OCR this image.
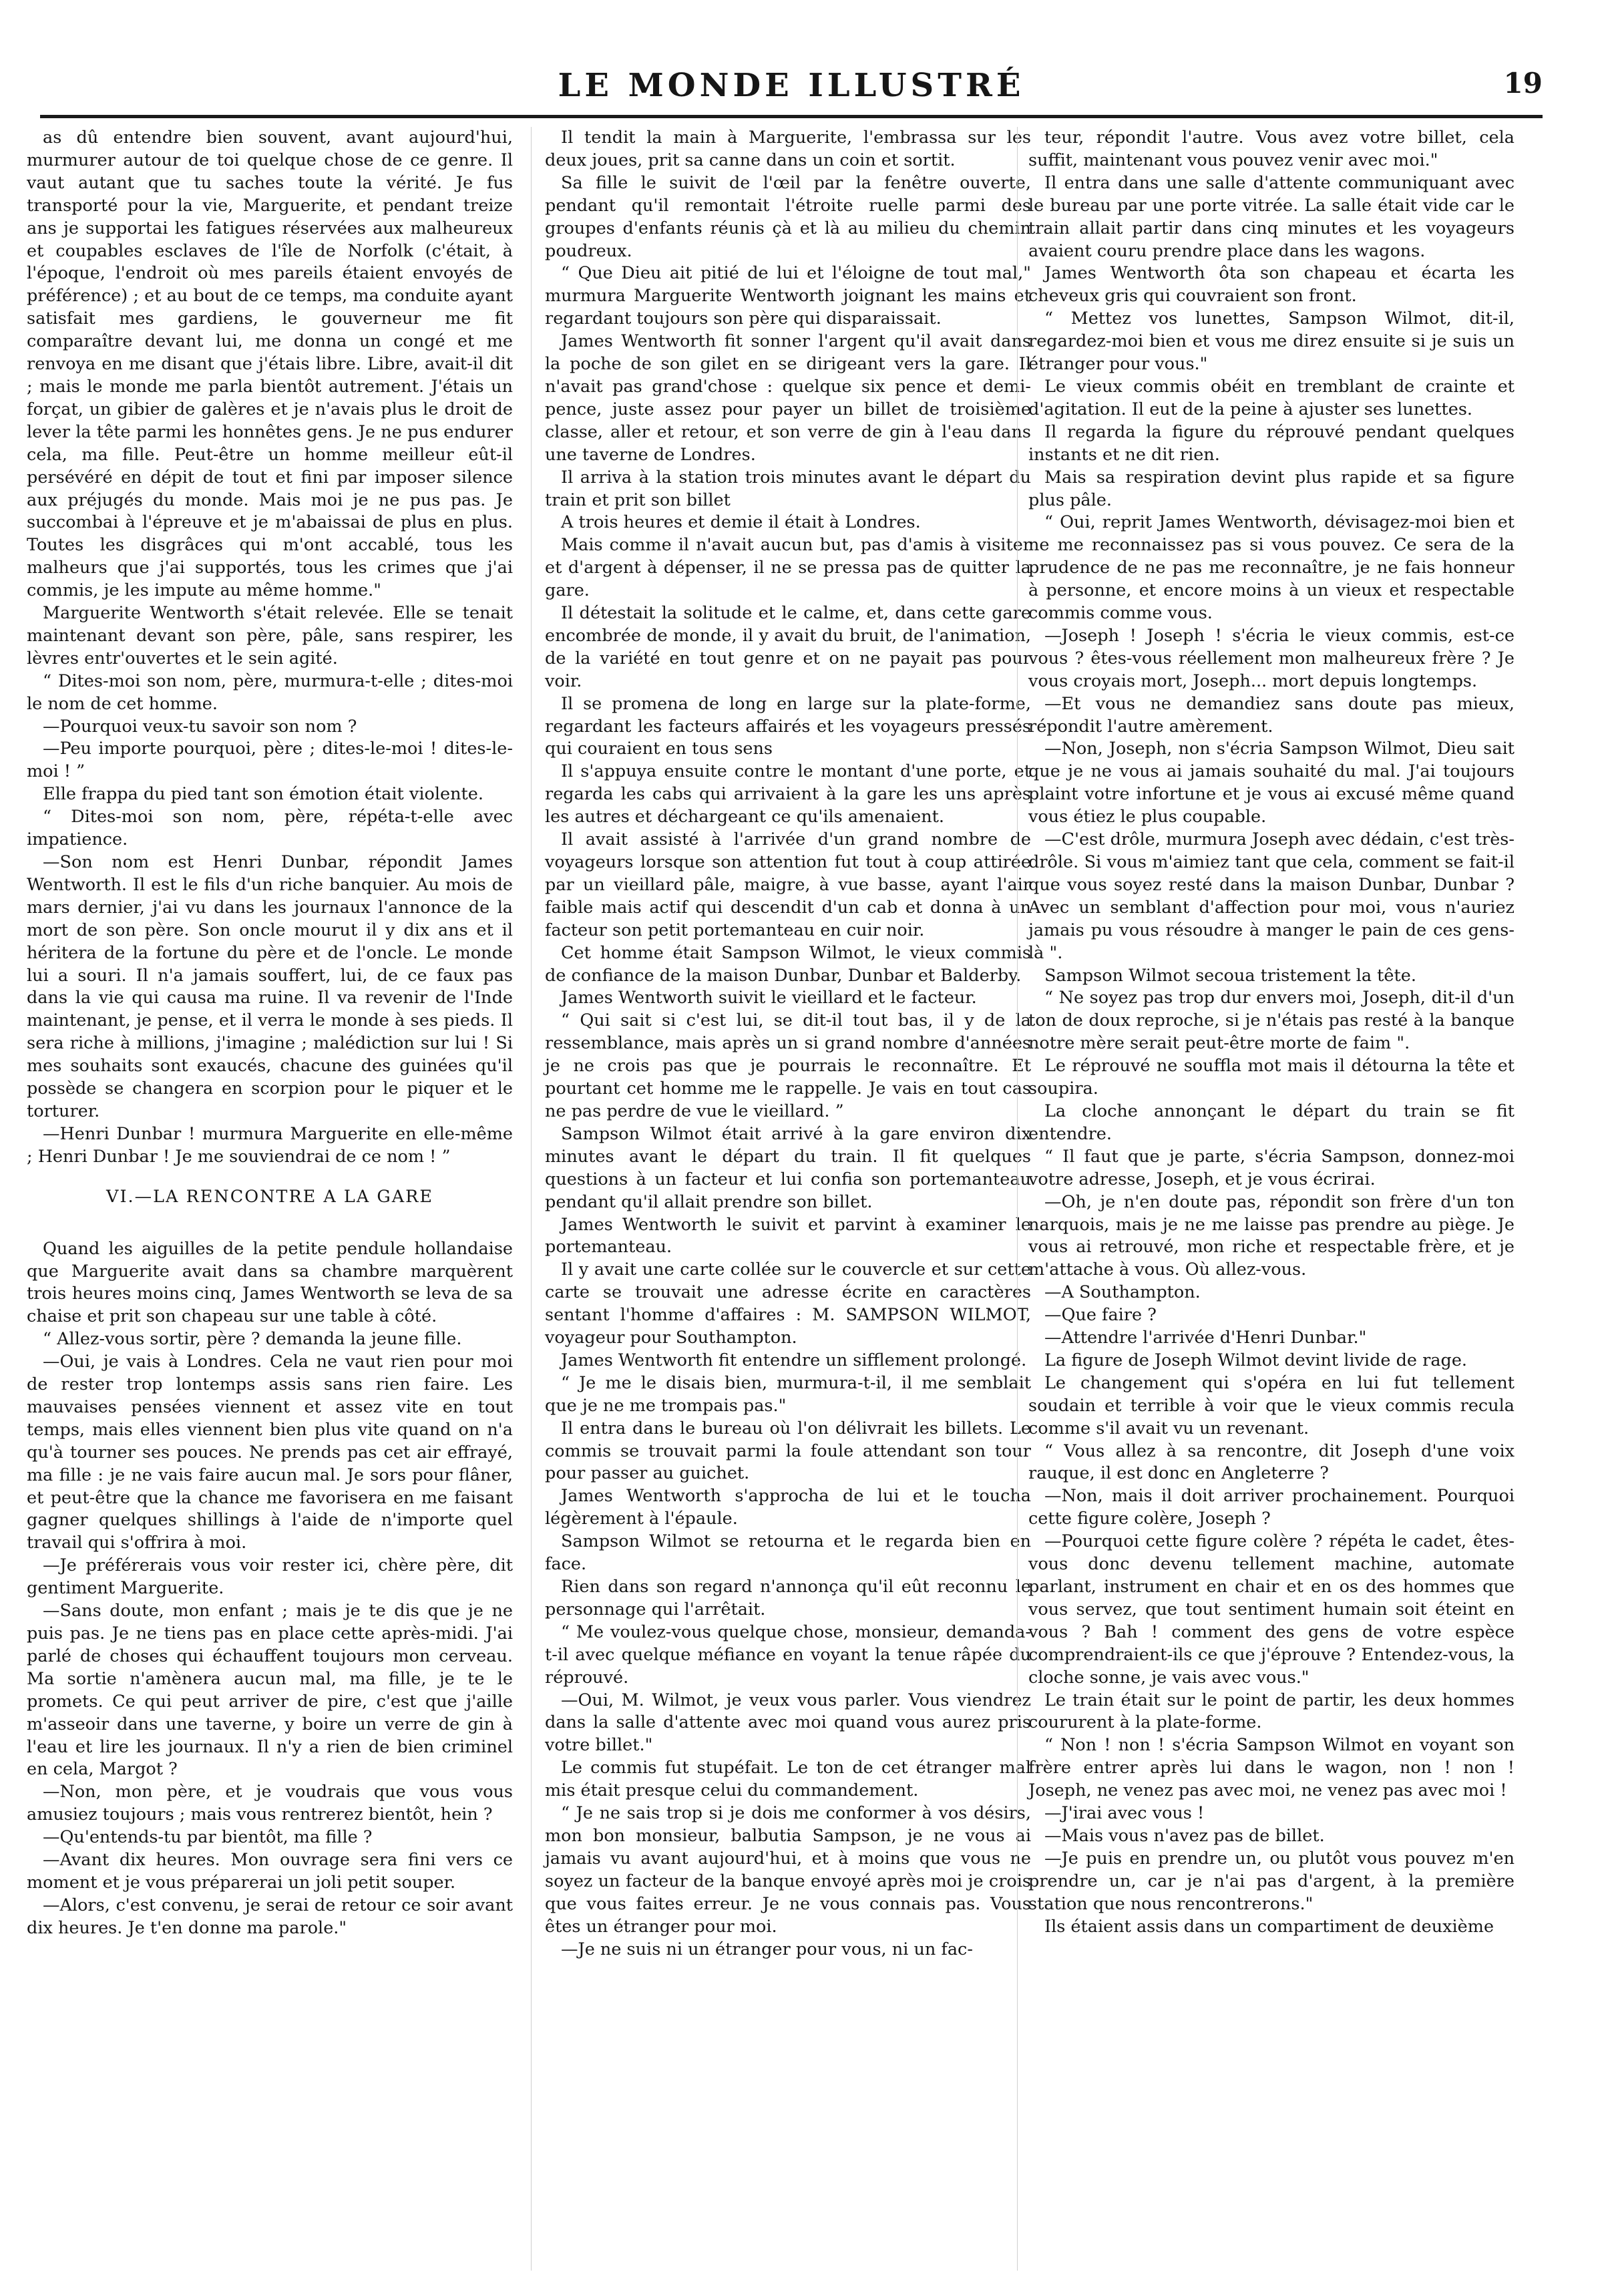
LE MONDE ILLUSTRÉ	19

as dû entendre bien souvent, avant aujourd'hui, murmurer autour de toi quelque chose de ce genre. Il vaut autant que tu saches toute la vérité. Je fus transporté pour la vie, Marguerite, et pendant treize ans je supportai les fatigues réservées aux malheureux et coupables esclaves de l'île de Norfolk (c'était, à l'époque, l'endroit où mes pareils étaient envoyés de préférence) ; et au bout de ce temps, ma conduite ayant satisfait mes gardiens, le gouverneur me fit comparaître devant lui, me donna un congé et me renvoya en me disant que j'étais libre. Libre, avait-il dit ; mais le monde me parla bientôt autrement. J'étais un forçat, un gibier de galères et je n'avais plus le droit de lever la tête parmi les honnêtes gens. Je ne pus endurer cela, ma fille. Peut-être un homme meilleur eût-il persévéré en dépit de tout et fini par imposer silence aux préjugés du monde. Mais moi je ne pus pas. Je succombai à l'épreuve et je m'abaissai de plus en plus. Toutes les disgrâces qui m'ont accablé, tous les malheurs que j'ai supportés, tous les crimes que j'ai commis, je les impute au même homme."

Marguerite Wentworth s'était relevée. Elle se tenait maintenant devant son père, pâle, sans respirer, les lèvres entr'ouvertes et le sein agité.

“ Dites-moi son nom, père, murmura-t-elle ; dites-moi le nom de cet homme.

—Pourquoi veux-tu savoir son nom ?

—Peu importe pourquoi, père ; dites-le-moi ! dites-le-moi ! ”

Elle frappa du pied tant son émotion était violente.

“ Dites-moi son nom, père, répéta-t-elle avec impatience.

—Son nom est Henri Dunbar, répondit James Wentworth. Il est le fils d'un riche banquier. Au mois de mars dernier, j'ai vu dans les journaux l'annonce de la mort de son père. Son oncle mourut il y dix ans et il héritera de la fortune du père et de l'oncle. Le monde lui a souri. Il n'a jamais souffert, lui, de ce faux pas dans la vie qui causa ma ruine. Il va revenir de l'Inde maintenant, je pense, et il verra le monde à ses pieds. Il sera riche à millions, j'imagine ; malédiction sur lui ! Si mes souhaits sont exaucés, chacune des guinées qu'il possède se changera en scorpion pour le piquer et le torturer.

—Henri Dunbar ! murmura Marguerite en elle-même ; Henri Dunbar ! Je me souviendrai de ce nom ! ”

VI.—LA RENCONTRE A LA GARE

Quand les aiguilles de la petite pendule hollandaise que Marguerite avait dans sa chambre marquèrent trois heures moins cinq, James Wentworth se leva de sa chaise et prit son chapeau sur une table à côté.

“ Allez-vous sortir, père ? demanda la jeune fille.

—Oui, je vais à Londres. Cela ne vaut rien pour moi de rester trop lontemps assis sans rien faire. Les mauvaises pensées viennent et assez vite en tout temps, mais elles viennent bien plus vite quand on n'a qu'à tourner ses pouces. Ne prends pas cet air effrayé, ma fille : je ne vais faire aucun mal. Je sors pour flâner, et peut-être que la chance me favorisera en me faisant gagner quelques shillings à l'aide de n'importe quel travail qui s'offrira à moi.

—Je préférerais vous voir rester ici, chère père, dit gentiment Marguerite.

—Sans doute, mon enfant ; mais je te dis que je ne puis pas. Je ne tiens pas en place cette après-midi. J'ai parlé de choses qui échauffent toujours mon cerveau. Ma sortie n'amènera aucun mal, ma fille, je te le promets. Ce qui peut arriver de pire, c'est que j'aille m'asseoir dans une taverne, y boire un verre de gin à l'eau et lire les journaux. Il n'y a rien de bien criminel en cela, Margot ?

—Non, mon père, et je voudrais que vous vous amusiez toujours ; mais vous rentrerez bientôt, hein ?

—Qu'entends-tu par bientôt, ma fille ?

—Avant dix heures. Mon ouvrage sera fini vers ce moment et je vous préparerai un joli petit souper.

—Alors, c'est convenu, je serai de retour ce soir avant dix heures. Je t'en donne ma parole."

Il tendit la main à Marguerite, l'embrassa sur les deux joues, prit sa canne dans un coin et sortit.

Sa fille le suivit de l'œil par la fenêtre ouverte, pendant qu'il remontait l'étroite ruelle parmi des groupes d'enfants réunis çà et là au milieu du chemin poudreux.

“ Que Dieu ait pitié de lui et l'éloigne de tout mal," murmura Marguerite Wentworth joignant les mains et regardant toujours son père qui disparaissait.

James Wentworth fit sonner l'argent qu'il avait dans la poche de son gilet en se dirigeant vers la gare. Il n'avait pas grand'chose : quelque six pence et demi-pence, juste assez pour payer un billet de troisième classe, aller et retour, et son verre de gin à l'eau dans une taverne de Londres.

Il arriva à la station trois minutes avant le départ du train et prit son billet

A trois heures et demie il était à Londres.

Mais comme il n'avait aucun but, pas d'amis à visiter et d'argent à dépenser, il ne se pressa pas de quitter la gare.

Il détestait la solitude et le calme, et, dans cette gare encombrée de monde, il y avait du bruit, de l'animation, de la variété en tout genre et on ne payait pas pour voir.

Il se promena de long en large sur la plate-forme, regardant les facteurs affairés et les voyageurs pressés qui couraient en tous sens

Il s'appuya ensuite contre le montant d'une porte, et regarda les cabs qui arrivaient à la gare les uns après les autres et déchargeant ce qu'ils amenaient.

Il avait assisté à l'arrivée d'un grand nombre de voyageurs lorsque son attention fut tout à coup attirée par un vieillard pâle, maigre, à vue basse, ayant l'air faible mais actif qui descendit d'un cab et donna à un facteur son petit portemanteau en cuir noir.

Cet homme était Sampson Wilmot, le vieux commis de confiance de la maison Dunbar, Dunbar et Balderby.

James Wentworth suivit le vieillard et le facteur.

“ Qui sait si c'est lui, se dit-il tout bas, il y de la ressemblance, mais après un si grand nombre d'années je ne crois pas que je pourrais le reconnaître. Et pourtant cet homme me le rappelle. Je vais en tout cas ne pas perdre de vue le vieillard. ”

Sampson Wilmot était arrivé à la gare environ dix minutes avant le départ du train. Il fit quelques questions à un facteur et lui confia son portemanteau pendant qu'il allait prendre son billet.

James Wentworth le suivit et parvint à examiner le portemanteau.

Il y avait une carte collée sur le couvercle et sur cette carte se trouvait une adresse écrite en caractères sentant l'homme d'affaires : M. SAMPSON WILMOT, voyageur pour Southampton.

James Wentworth fit entendre un sifflement prolongé.

“ Je me le disais bien, murmura-t-il, il me semblait que je ne me trompais pas."

Il entra dans le bureau où l'on délivrait les billets. Le commis se trouvait parmi la foule attendant son tour pour passer au guichet.

James Wentworth s'approcha de lui et le toucha légèrement à l'épaule.

Sampson Wilmot se retourna et le regarda bien en face.

Rien dans son regard n'annonça qu'il eût reconnu le personnage qui l'arrêtait.

“ Me voulez-vous quelque chose, monsieur, demanda-t-il avec quelque méfiance en voyant la tenue râpée du réprouvé.

—Oui, M. Wilmot, je veux vous parler. Vous viendrez dans la salle d'attente avec moi quand vous aurez pris votre billet."

Le commis fut stupéfait. Le ton de cet étranger mal mis était presque celui du commandement.

“ Je ne sais trop si je dois me conformer à vos désirs, mon bon monsieur, balbutia Sampson, je ne vous ai jamais vu avant aujourd'hui, et à moins que vous ne soyez un facteur de la banque envoyé après moi je crois que vous faites erreur. Je ne vous connais pas. Vous êtes un étranger pour moi.

—Je ne suis ni un étranger pour vous, ni un fac-

teur, répondit l'autre. Vous avez votre billet, cela suffit, maintenant vous pouvez venir avec moi."

Il entra dans une salle d'attente communiquant avec le bureau par une porte vitrée. La salle était vide car le train allait partir dans cinq minutes et les voyageurs avaient couru prendre place dans les wagons.

James Wentworth ôta son chapeau et écarta les cheveux gris qui couvraient son front.

“ Mettez vos lunettes, Sampson Wilmot, dit-il, regardez-moi bien et vous me direz ensuite si je suis un étranger pour vous."

Le vieux commis obéit en tremblant de crainte et d'agitation. Il eut de la peine à ajuster ses lunettes.

Il regarda la figure du réprouvé pendant quelques instants et ne dit rien.

Mais sa respiration devint plus rapide et sa figure plus pâle.

“ Oui, reprit James Wentworth, dévisagez-moi bien et ne me reconnaissez pas si vous pouvez. Ce sera de la prudence de ne pas me reconnaître, je ne fais honneur à personne, et encore moins à un vieux et respectable commis comme vous.

—Joseph ! Joseph ! s'écria le vieux commis, est-ce vous ? êtes-vous réellement mon malheureux frère ? Je vous croyais mort, Joseph... mort depuis longtemps.

—Et vous ne demandiez sans doute pas mieux, répondit l'autre amèrement.

—Non, Joseph, non s'écria Sampson Wilmot, Dieu sait que je ne vous ai jamais souhaité du mal. J'ai toujours plaint votre infortune et je vous ai excusé même quand vous étiez le plus coupable.

—C'est drôle, murmura Joseph avec dédain, c'est très-drôle. Si vous m'aimiez tant que cela, comment se fait-il que vous soyez resté dans la maison Dunbar, Dunbar ? Avec un semblant d'affection pour moi, vous n'auriez jamais pu vous résoudre à manger le pain de ces gens-là ".

Sampson Wilmot secoua tristement la tête.

“ Ne soyez pas trop dur envers moi, Joseph, dit-il d'un ton de doux reproche, si je n'étais pas resté à la banque notre mère serait peut-être morte de faim ".

Le réprouvé ne souffla mot mais il détourna la tête et soupira.

La cloche annonçant le départ du train se fit entendre.

“ Il faut que je parte, s'écria Sampson, donnez-moi votre adresse, Joseph, et je vous écrirai.

—Oh, je n'en doute pas, répondit son frère d'un ton narquois, mais je ne me laisse pas prendre au piège. Je vous ai retrouvé, mon riche et respectable frère, et je m'attache à vous. Où allez-vous.

—A Southampton.

—Que faire ?

—Attendre l'arrivée d'Henri Dunbar."

La figure de Joseph Wilmot devint livide de rage.

Le changement qui s'opéra en lui fut tellement soudain et terrible à voir que le vieux commis recula comme s'il avait vu un revenant.

“ Vous allez à sa rencontre, dit Joseph d'une voix rauque, il est donc en Angleterre ?

—Non, mais il doit arriver prochainement. Pourquoi cette figure colère, Joseph ?

—Pourquoi cette figure colère ? répéta le cadet, êtes-vous donc devenu tellement machine, automate parlant, instrument en chair et en os des hommes que vous servez, que tout sentiment humain soit éteint en vous ? Bah ! comment des gens de votre espèce comprendraient-ils ce que j'éprouve ? Entendez-vous, la cloche sonne, je vais avec vous."

Le train était sur le point de partir, les deux hommes coururent à la plate-forme.

“ Non ! non ! s'écria Sampson Wilmot en voyant son frère entrer après lui dans le wagon, non ! non ! Joseph, ne venez pas avec moi, ne venez pas avec moi !

—J'irai avec vous !

—Mais vous n'avez pas de billet.

—Je puis en prendre un, ou plutôt vous pouvez m'en prendre un, car je n'ai pas d'argent, à la première station que nous rencontrerons."

Ils étaient assis dans un compartiment de deuxième
